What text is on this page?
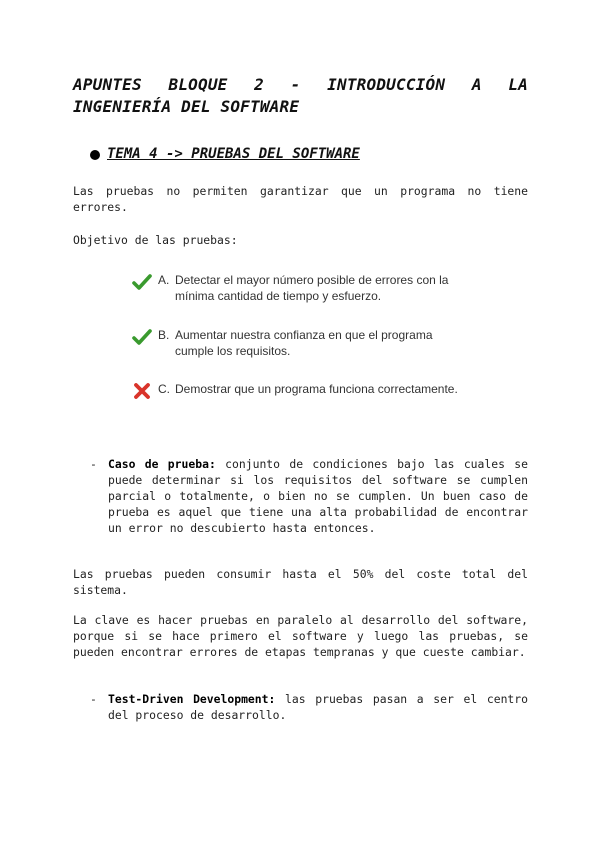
APUNTES BLOQUE 2 - INTRODUCCIÓN A LA INGENIERÍA DEL SOFTWARE
TEMA 4 -> PRUEBAS DEL SOFTWARE

Las pruebas no permiten garantizar que un programa no tiene errores.

Objetivo de las pruebas:

A. Detectar el mayor número posible de errores con la mínima cantidad de tiempo y esfuerzo.
B. Aumentar nuestra confianza en que el programa cumple los requisitos.
C. Demostrar que un programa funciona correctamente.
- Caso de prueba: conjunto de condiciones bajo las cuales se puede determinar si los requisitos del software se cumplen parcial o totalmente, o bien no se cumplen. Un buen caso de prueba es aquel que tiene una alta probabilidad de encontrar un error no descubierto hasta entonces.

Las pruebas pueden consumir hasta el 50% del coste total del sistema.

La clave es hacer pruebas en paralelo al desarrollo del software, porque si se hace primero el software y luego las pruebas, se pueden encontrar errores de etapas tempranas y que cueste cambiar.

- Test-Driven Development: las pruebas pasan a ser el centro del proceso de desarrollo.
